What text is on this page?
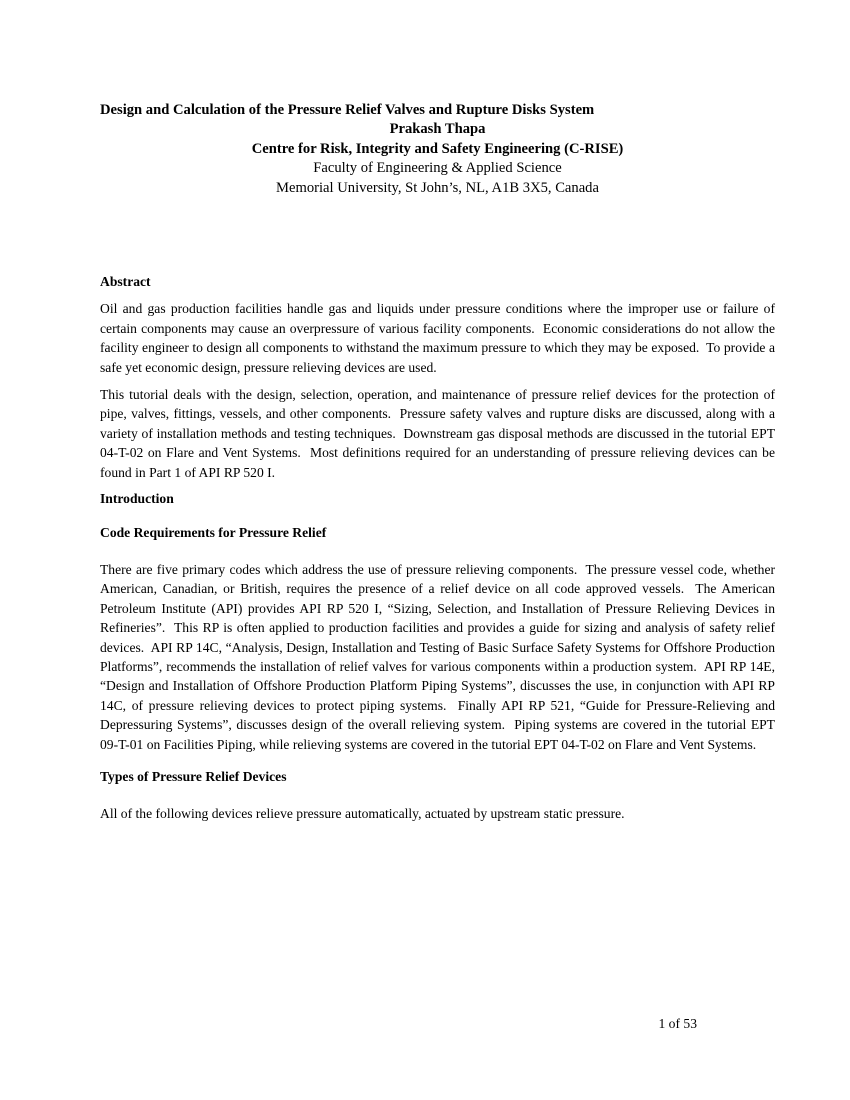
Design and Calculation of the Pressure Relief Valves and Rupture Disks System
Prakash Thapa
Centre for Risk, Integrity and Safety Engineering (C-RISE)
Faculty of Engineering & Applied Science
Memorial University, St John’s, NL, A1B 3X5, Canada
Abstract

Oil and gas production facilities handle gas and liquids under pressure conditions where the improper use or failure of certain components may cause an overpressure of various facility components.  Economic considerations do not allow the facility engineer to design all components to withstand the maximum pressure to which they may be exposed.  To provide a safe yet economic design, pressure relieving devices are used.

This tutorial deals with the design, selection, operation, and maintenance of pressure relief devices for the protection of pipe, valves, fittings, vessels, and other components.  Pressure safety valves and rupture disks are discussed, along with a variety of installation methods and testing techniques.  Downstream gas disposal methods are discussed in the tutorial EPT 04-T-02 on Flare and Vent Systems.  Most definitions required for an understanding of pressure relieving devices can be found in Part 1 of API RP 520 I.

Introduction
Code Requirements for Pressure Relief

There are five primary codes which address the use of pressure relieving components.  The pressure vessel code, whether American, Canadian, or British, requires the presence of a relief device on all code approved vessels.  The American Petroleum Institute (API) provides API RP 520 I, “Sizing, Selection, and Installation of Pressure Relieving Devices in Refineries”.  This RP is often applied to production facilities and provides a guide for sizing and analysis of safety relief devices.  API RP 14C, “Analysis, Design, Installation and Testing of Basic Surface Safety Systems for Offshore Production Platforms”, recommends the installation of relief valves for various components within a production system.  API RP 14E, “Design and Installation of Offshore Production Platform Piping Systems”, discusses the use, in conjunction with API RP 14C, of pressure relieving devices to protect piping systems.  Finally API RP 521, “Guide for Pressure-Relieving and Depressuring Systems”, discusses design of the overall relieving system.  Piping systems are covered in the tutorial EPT 09-T-01 on Facilities Piping, while relieving systems are covered in the tutorial EPT 04-T-02 on Flare and Vent Systems.

Types of Pressure Relief Devices

All of the following devices relieve pressure automatically, actuated by upstream static pressure.

1 of 53
